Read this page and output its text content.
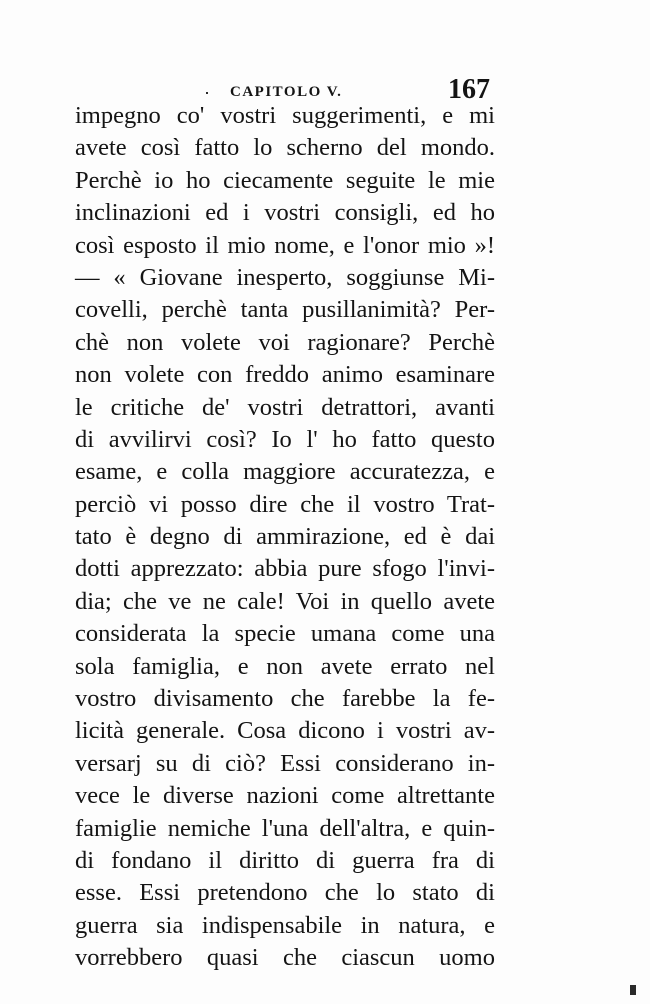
CAPITOLO V.	167
impegno co' vostri suggerimenti, e mi
avete così fatto lo scherno del mondo.
Perchè io ho ciecamente seguite le mie
inclinazioni ed i vostri consigli, ed ho
così esposto il mio nome, e l'onor mio »!
— « Giovane inesperto, soggiunse Mi-
covelli, perchè tanta pusillanimità? Per-
chè non volete voi ragionare? Perchè
non volete con freddo animo esaminare
le critiche de' vostri detrattori, avanti
di avvilirvi così? Io l' ho fatto questo
esame, e colla maggiore accuratezza, e
perciò vi posso dire che il vostro Trat-
tato è degno di ammirazione, ed è dai
dotti apprezzato: abbia pure sfogo l'invi-
dia; che ve ne cale! Voi in quello avete
considerata la specie umana come una
sola famiglia, e non avete errato nel
vostro divisamento che farebbe la fe-
licità generale. Cosa dicono i vostri av-
versarj su di ciò? Essi considerano in-
vece le diverse nazioni come altrettante
famiglie nemiche l'una dell'altra, e quin-
di fondano il diritto di guerra fra di
esse. Essi pretendono che lo stato di
guerra sia indispensabile in natura, e
vorrebbero quasi che ciascun uomo
